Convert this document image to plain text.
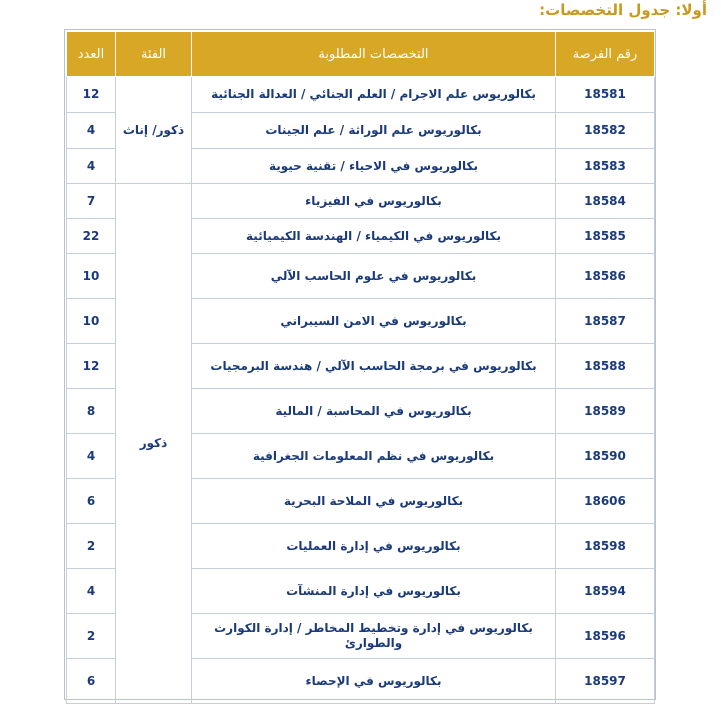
أولا: جدول التخصصات:
رقم الفرصة	التخصصات المطلوبة	الفئة	العدد
18581	بكالوريوس علم الاجرام / العلم الجنائي / العدالة الجنائية	ذكور/ إناث	12
18582	بكالوريوس علم الوراثة / علم الجينات		4
18583	بكالوريوس في الاحياء / تقنية حيوية		4
18584	بكالوريوس في الفيزياء	ذكور	7
18585	بكالوريوس في الكيمياء / الهندسة الكيميائية		22
18586	بكالوريوس في علوم الحاسب الآلي		10
18587	بكالوريوس في الامن السيبراني		10
18588	بكالوريوس في برمجة الحاسب الآلي / هندسة البرمجيات		12
18589	بكالوريوس في المحاسبة / المالية		8
18590	بكالوريوس في نظم المعلومات الجغرافية		4
18606	بكالوريوس في الملاحة البحرية		6
18598	بكالوريوس في إدارة العمليات		2
18594	بكالوريوس في إدارة المنشآت		4
18596	بكالوريوس في إدارة وتخطيط المخاطر / إدارة الكوارث والطوارئ		2
18597	بكالوريوس في الإحصاء		6
